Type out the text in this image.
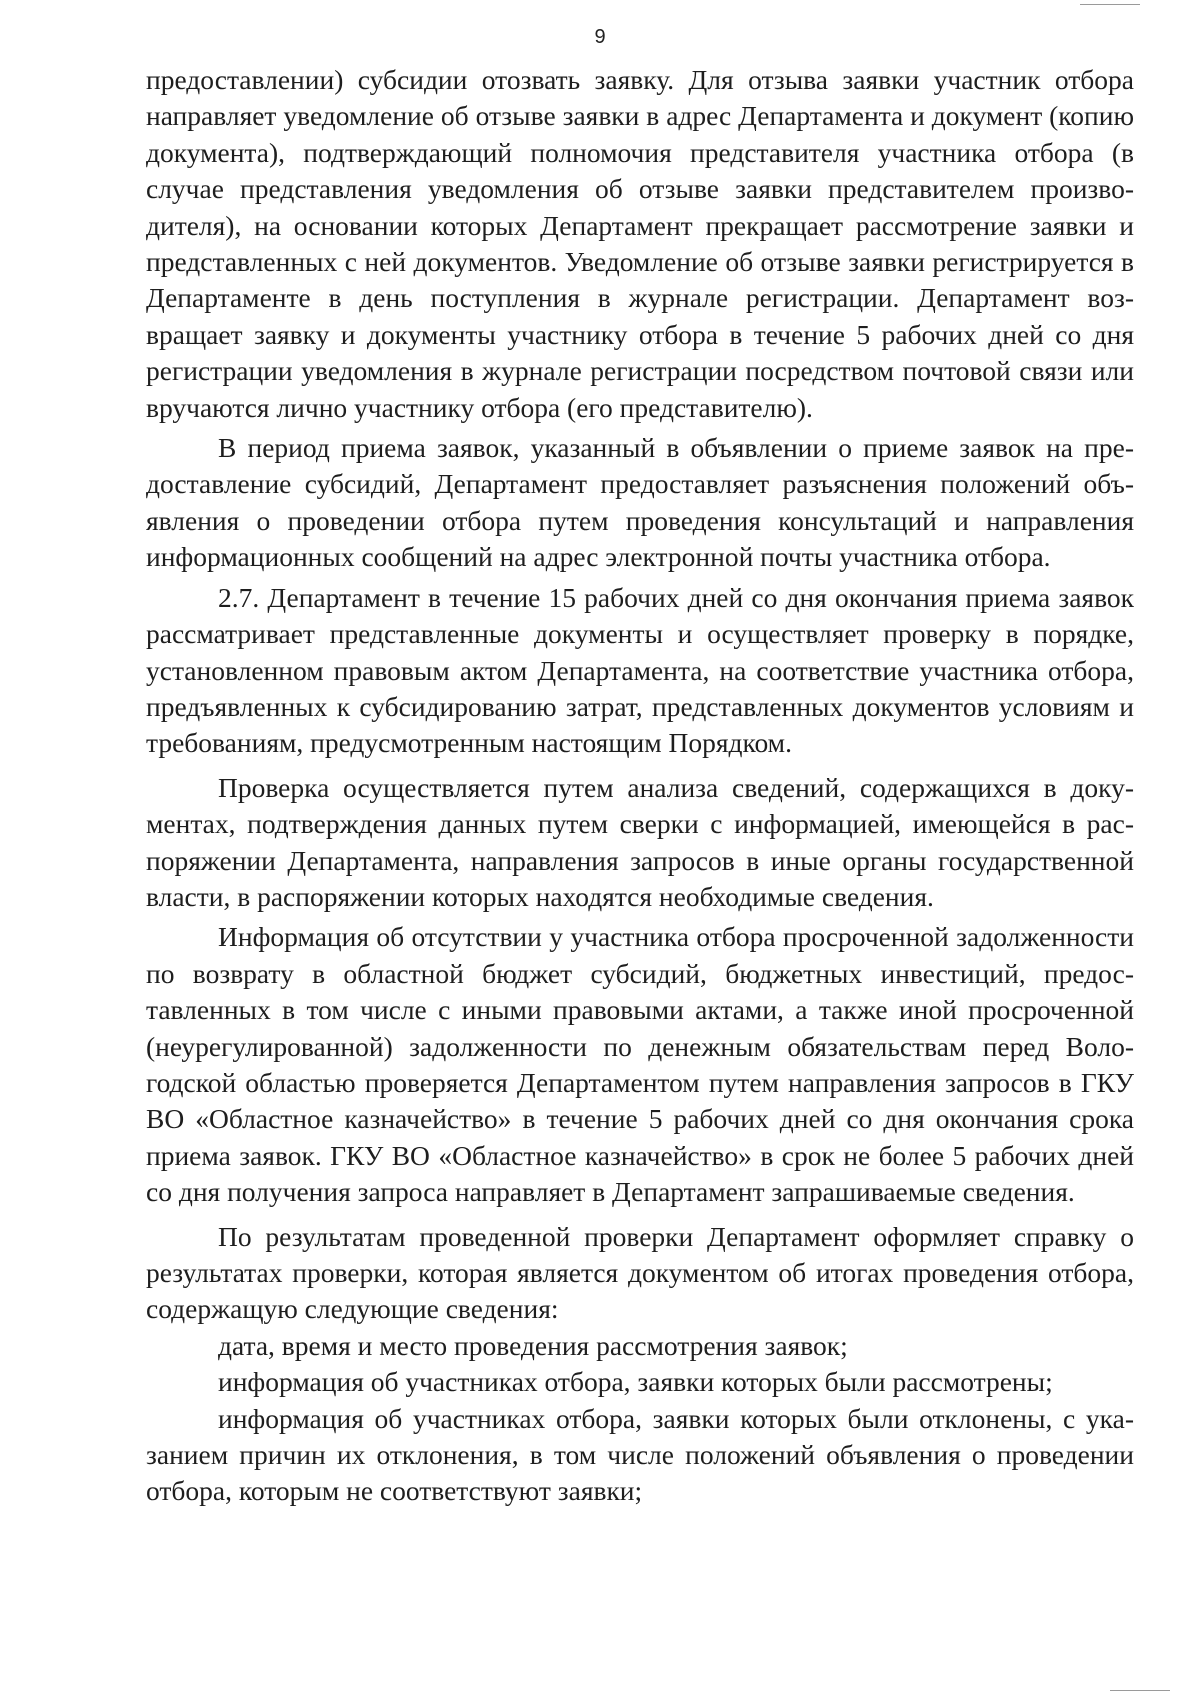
9

предоставлении) субсидии отозвать заявку. Для отзыва заявки участник отбора направляет уведомление об отзыве заявки в адрес Департамента и документ (копию документа), подтверждающий полномочия представителя участника отбора (в случае представления уведомления об отзыве заявки представителем производителя), на основании которых Департамент прекращает рассмотрение заявки и представленных с ней документов. Уведомление об отзыве заявки регистрируется в Департаменте в день поступления в журнале регистрации. Департамент возвращает заявку и документы участнику отбора в течение 5 рабочих дней со дня регистрации уведомления в журнале регистрации посредством почтовой связи или вручаются лично участнику отбора (его представителю).

В период приема заявок, указанный в объявлении о приеме заявок на предоставление субсидий, Департамент предоставляет разъяснения положений объявления о проведении отбора путем проведения консультаций и направления информационных сообщений на адрес электронной почты участника отбора.

2.7. Департамент в течение 15 рабочих дней со дня окончания приема заявок рассматривает представленные документы и осуществляет проверку в порядке, установленном правовым актом Департамента, на соответствие участника отбора, предъявленных к субсидированию затрат, представленных документов условиям и требованиям, предусмотренным настоящим Порядком.

Проверка осуществляется путем анализа сведений, содержащихся в документах, подтверждения данных путем сверки с информацией, имеющейся в распоряжении Департамента, направления запросов в иные органы государственной власти, в распоряжении которых находятся необходимые сведения.

Информация об отсутствии у участника отбора просроченной задолженности по возврату в областной бюджет субсидий, бюджетных инвестиций, предоставленных в том числе с иными правовыми актами, а также иной просроченной (неурегулированной) задолженности по денежным обязательствам перед Вологодской областью проверяется Департаментом путем направления запросов в ГКУ ВО «Областное казначейство» в течение 5 рабочих дней со дня окончания срока приема заявок. ГКУ ВО «Областное казначейство» в срок не более 5 рабочих дней со дня получения запроса направляет в Департамент запрашиваемые сведения.

По результатам проведенной проверки Департамент оформляет справку о результатах проверки, которая является документом об итогах проведения отбора, содержащую следующие сведения:

дата, время и место проведения рассмотрения заявок;

информация об участниках отбора, заявки которых были рассмотрены;

информация об участниках отбора, заявки которых были отклонены, с указанием причин их отклонения, в том числе положений объявления о проведении отбора, которым не соответствуют заявки;
